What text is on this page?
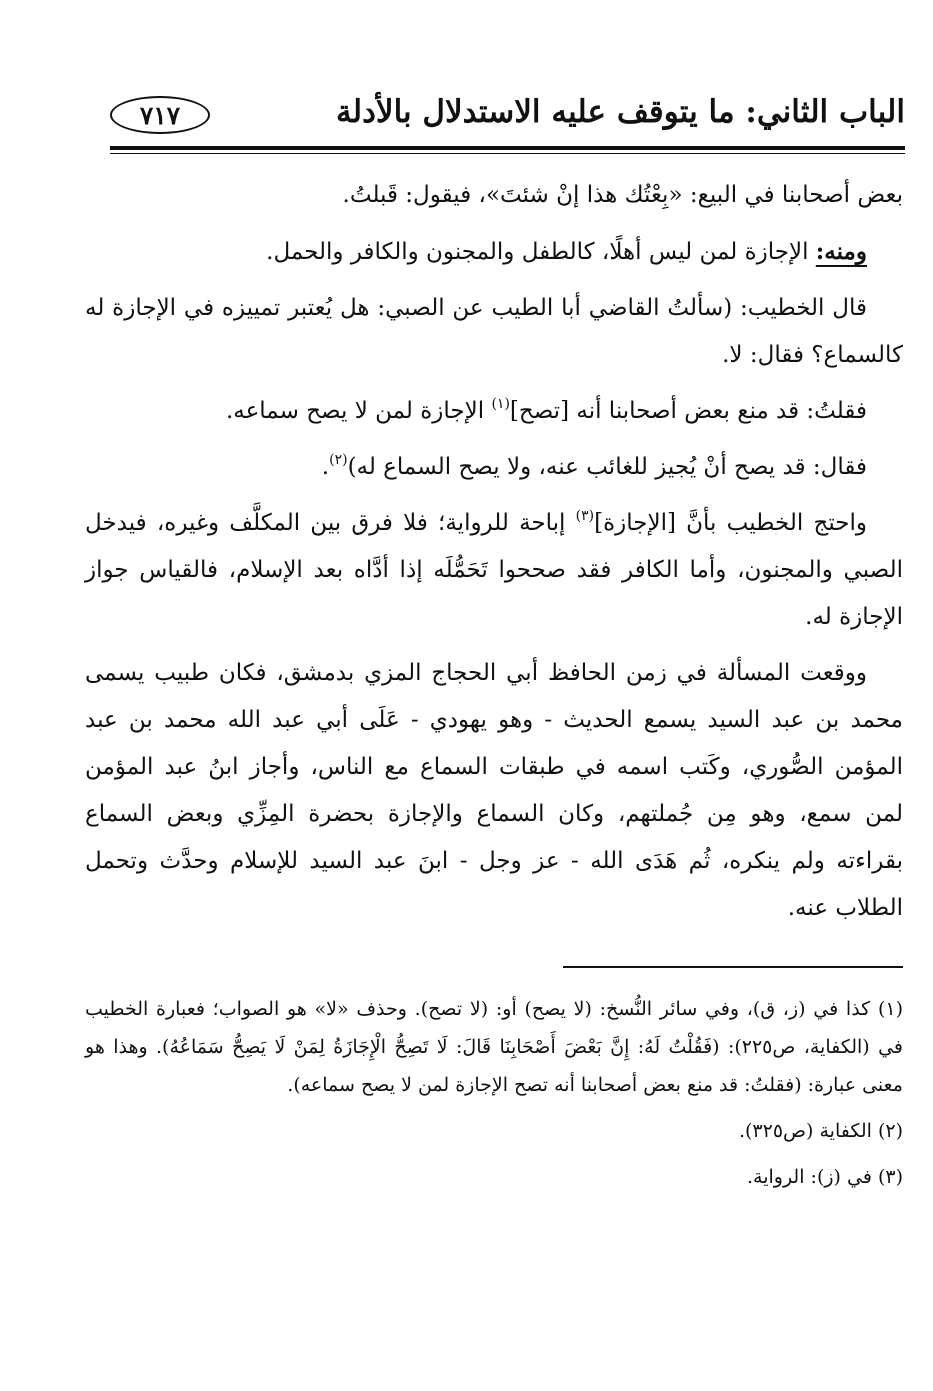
٧١٧	الباب الثاني: ما يتوقف عليه الاستدلال بالأدلة

بعض أصحابنا في البيع: «بِعْتُك هذا إنْ شئتَ»، فيقول: قَبلتُ.

ومنه: الإجازة لمن ليس أهلًا، كالطفل والمجنون والكافر والحمل.

قال الخطيب: (سألتُ القاضي أبا الطيب عن الصبي: هل يُعتبر تمييزه في الإجازة له كالسماع؟ فقال: لا.

فقلتُ: قد منع بعض أصحابنا أنه [تصح]$^{(١)}$ الإجازة لمن لا يصح سماعه.

فقال: قد يصح أنْ يُجيز للغائب عنه، ولا يصح السماع له)$^{(٢)}$.

واحتج الخطيب بأنَّ [الإجازة]$^{(٣)}$ إباحة للرواية؛ فلا فرق بين المكلَّف وغيره، فيدخل الصبي والمجنون، وأما الكافر فقد صححوا تَحَمُّلَه إذا أدَّاه بعد الإسلام، فالقياس جواز الإجازة له.

ووقعت المسألة في زمن الحافظ أبي الحجاج المزي بدمشق، فكان طبيب يسمى محمد بن عبد السيد يسمع الحديث - وهو يهودي - عَلَى أبي عبد الله محمد بن عبد المؤمن الصُّوري، وكَتب اسمه في طبقات السماع مع الناس، وأجاز ابنُ عبد المؤمن لمن سمع، وهو مِن جُملتهم، وكان السماع والإجازة بحضرة المِزِّي وبعض السماع بقراءته ولم ينكره، ثُم هَدَى الله - عز وجل - ابنَ عبد السيد للإسلام وحدَّث وتحمل الطلاب عنه.

(١) كذا في (ز، ق)، وفي سائر النُّسخ: (لا يصح) أو: (لا تصح). وحذف «لا» هو الصواب؛ فعبارة الخطيب في (الكفاية، ص٢٢٥): (فَقُلْتُ لَهُ: إِنَّ بَعْضَ أَصْحَابِنَا قَالَ: لَا تَصِحُّ الْإِجَازَةُ لِمَنْ لَا يَصِحُّ سَمَاعُهُ). وهذا هو معنى عبارة: (فقلتُ: قد منع بعض أصحابنا أنه تصح الإجازة لمن لا يصح سماعه).

(٢) الكفاية (ص٣٢٥).

(٣) في (ز): الرواية.
